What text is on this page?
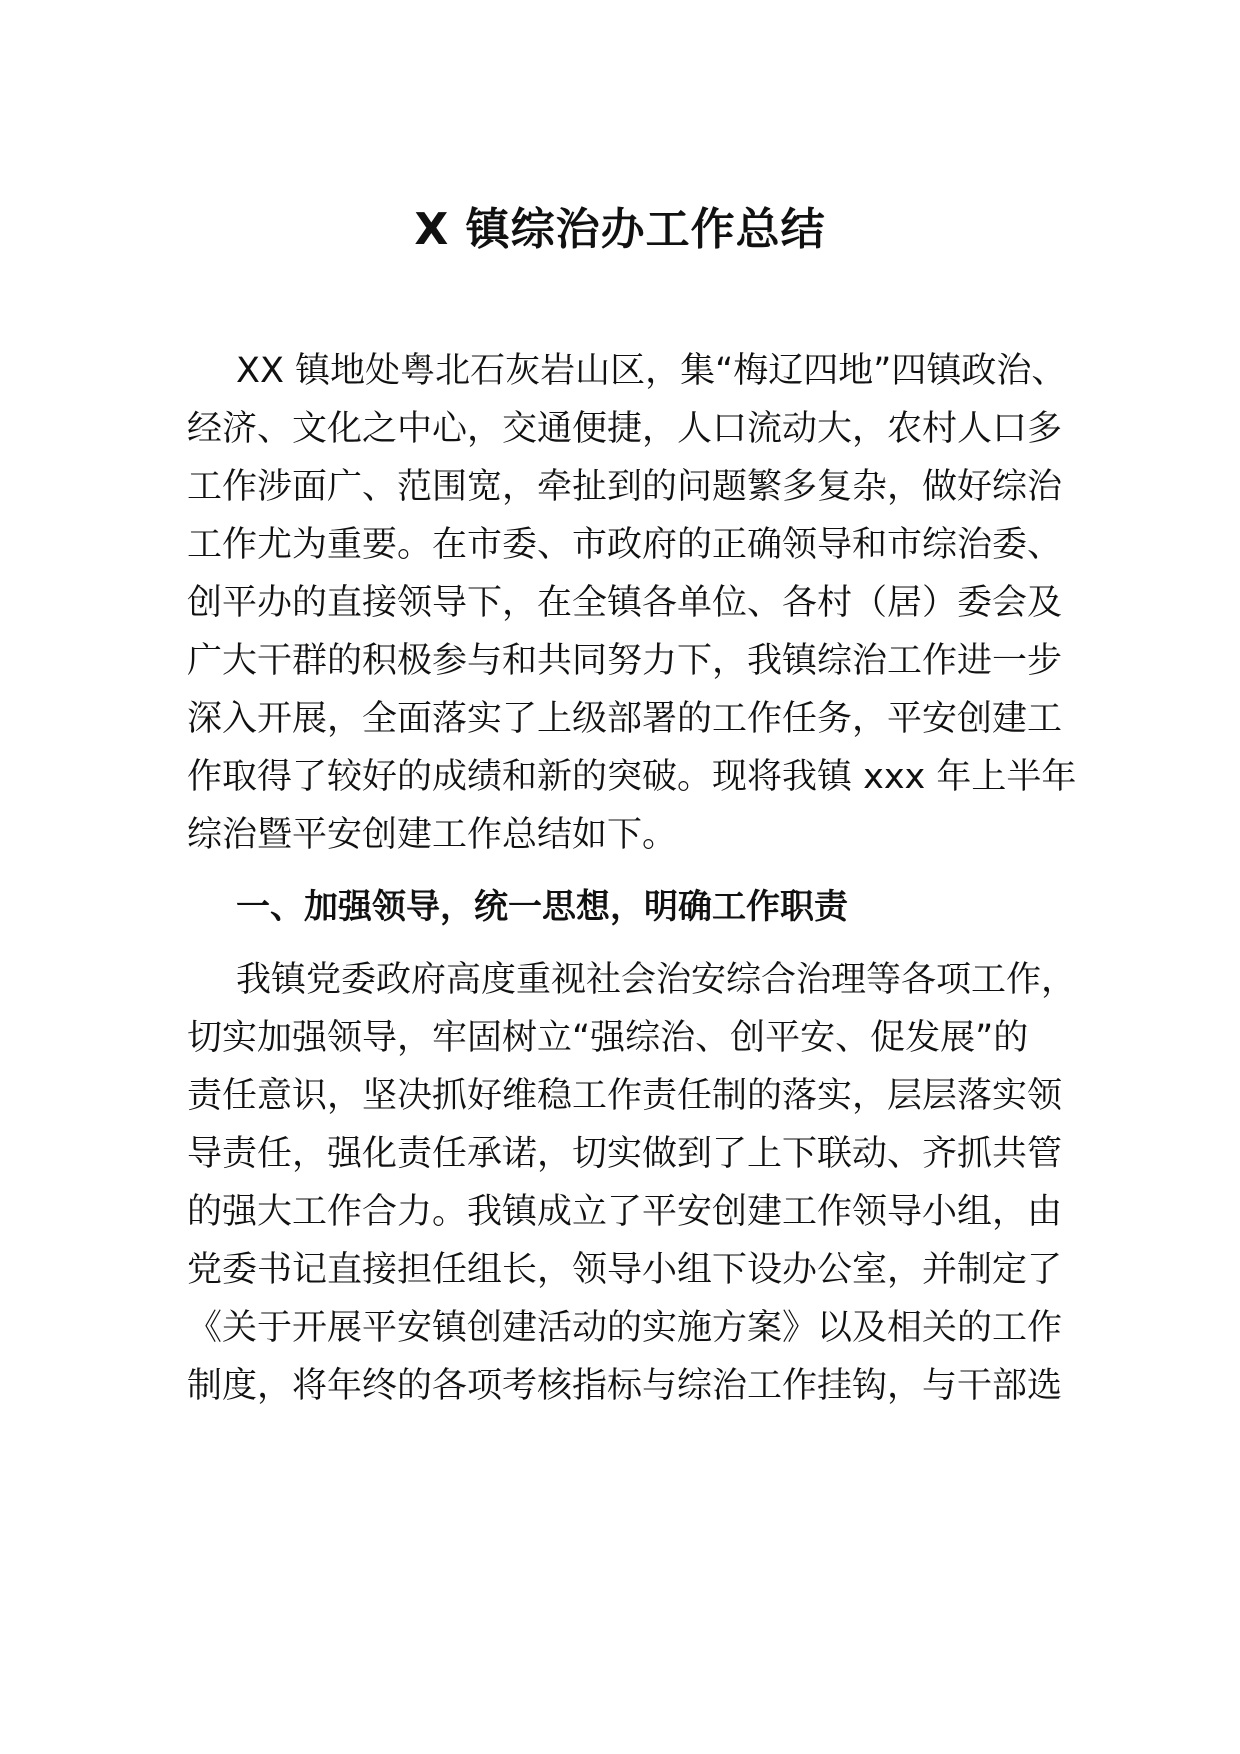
X 镇综治办工作总结
XX 镇地处粤北石灰岩山区，集“梅辽四地”四镇政治、
经济、文化之中心，交通便捷，人口流动大，农村人口多
工作涉面广、范围宽，牵扯到的问题繁多复杂，做好综治
工作尤为重要。在市委、市政府的正确领导和市综治委、
创平办的直接领导下，在全镇各单位、各村（居）委会及
广大干群的积极参与和共同努力下，我镇综治工作进一步
深入开展，全面落实了上级部署的工作任务，平安创建工
作取得了较好的成绩和新的突破。现将我镇 xxx 年上半年
综治暨平安创建工作总结如下。
一、加强领导，统一思想，明确工作职责
我镇党委政府高度重视社会治安综合治理等各项工作，
切实加强领导，牢固树立“强综治、创平安、促发展”的
责任意识，坚决抓好维稳工作责任制的落实，层层落实领
导责任，强化责任承诺，切实做到了上下联动、齐抓共管
的强大工作合力。我镇成立了平安创建工作领导小组，由
党委书记直接担任组长，领导小组下设办公室，并制定了
《关于开展平安镇创建活动的实施方案》以及相关的工作
制度，将年终的各项考核指标与综治工作挂钩，与干部选
